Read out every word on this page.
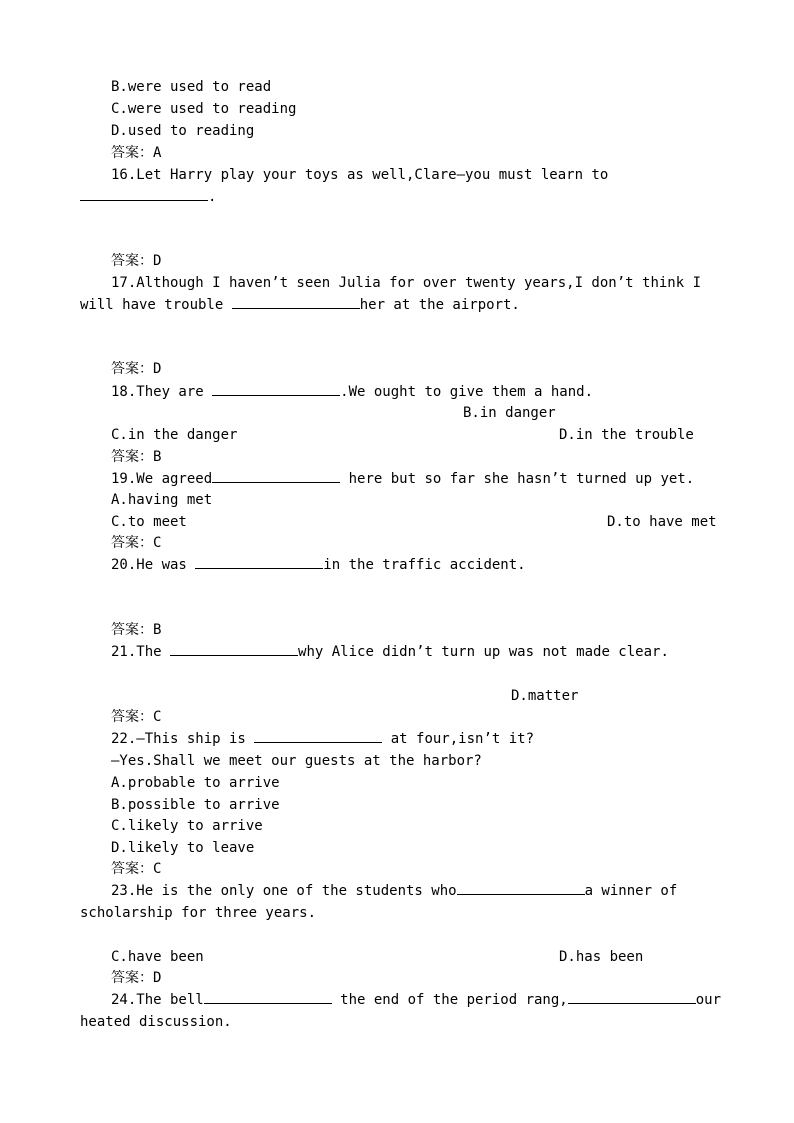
B.were used to read
C.were used to reading
D.used to reading
答案：A
16.Let Harry play your toys as well,Clare—you must learn to
.
答案：D
17.Although I haven’t seen Julia for over twenty years,I don’t think I
will have trouble	her at the airport.
答案：D
18.They are	.We ought to give them a hand.
B.in danger
C.in the danger	D.in the trouble
答案：B
19.We agreed	here but so far she hasn’t turned up yet.
A.having met
C.to meet	D.to have met
答案：C
20.He was	in the traffic accident.
答案：B
21.The	why Alice didn’t turn up was not made clear.
D.matter
答案：C
22.—This ship is	at four,isn’t it?
—Yes.Shall we meet our guests at the harbor?
A.probable to arrive
B.possible to arrive
C.likely to arrive
D.likely to leave
答案：C
23.He is the only one of the students who	a winner of
scholarship for three years.
C.have been	D.has been
答案：D
24.The bell	the end of the period rang,	our
heated discussion.
